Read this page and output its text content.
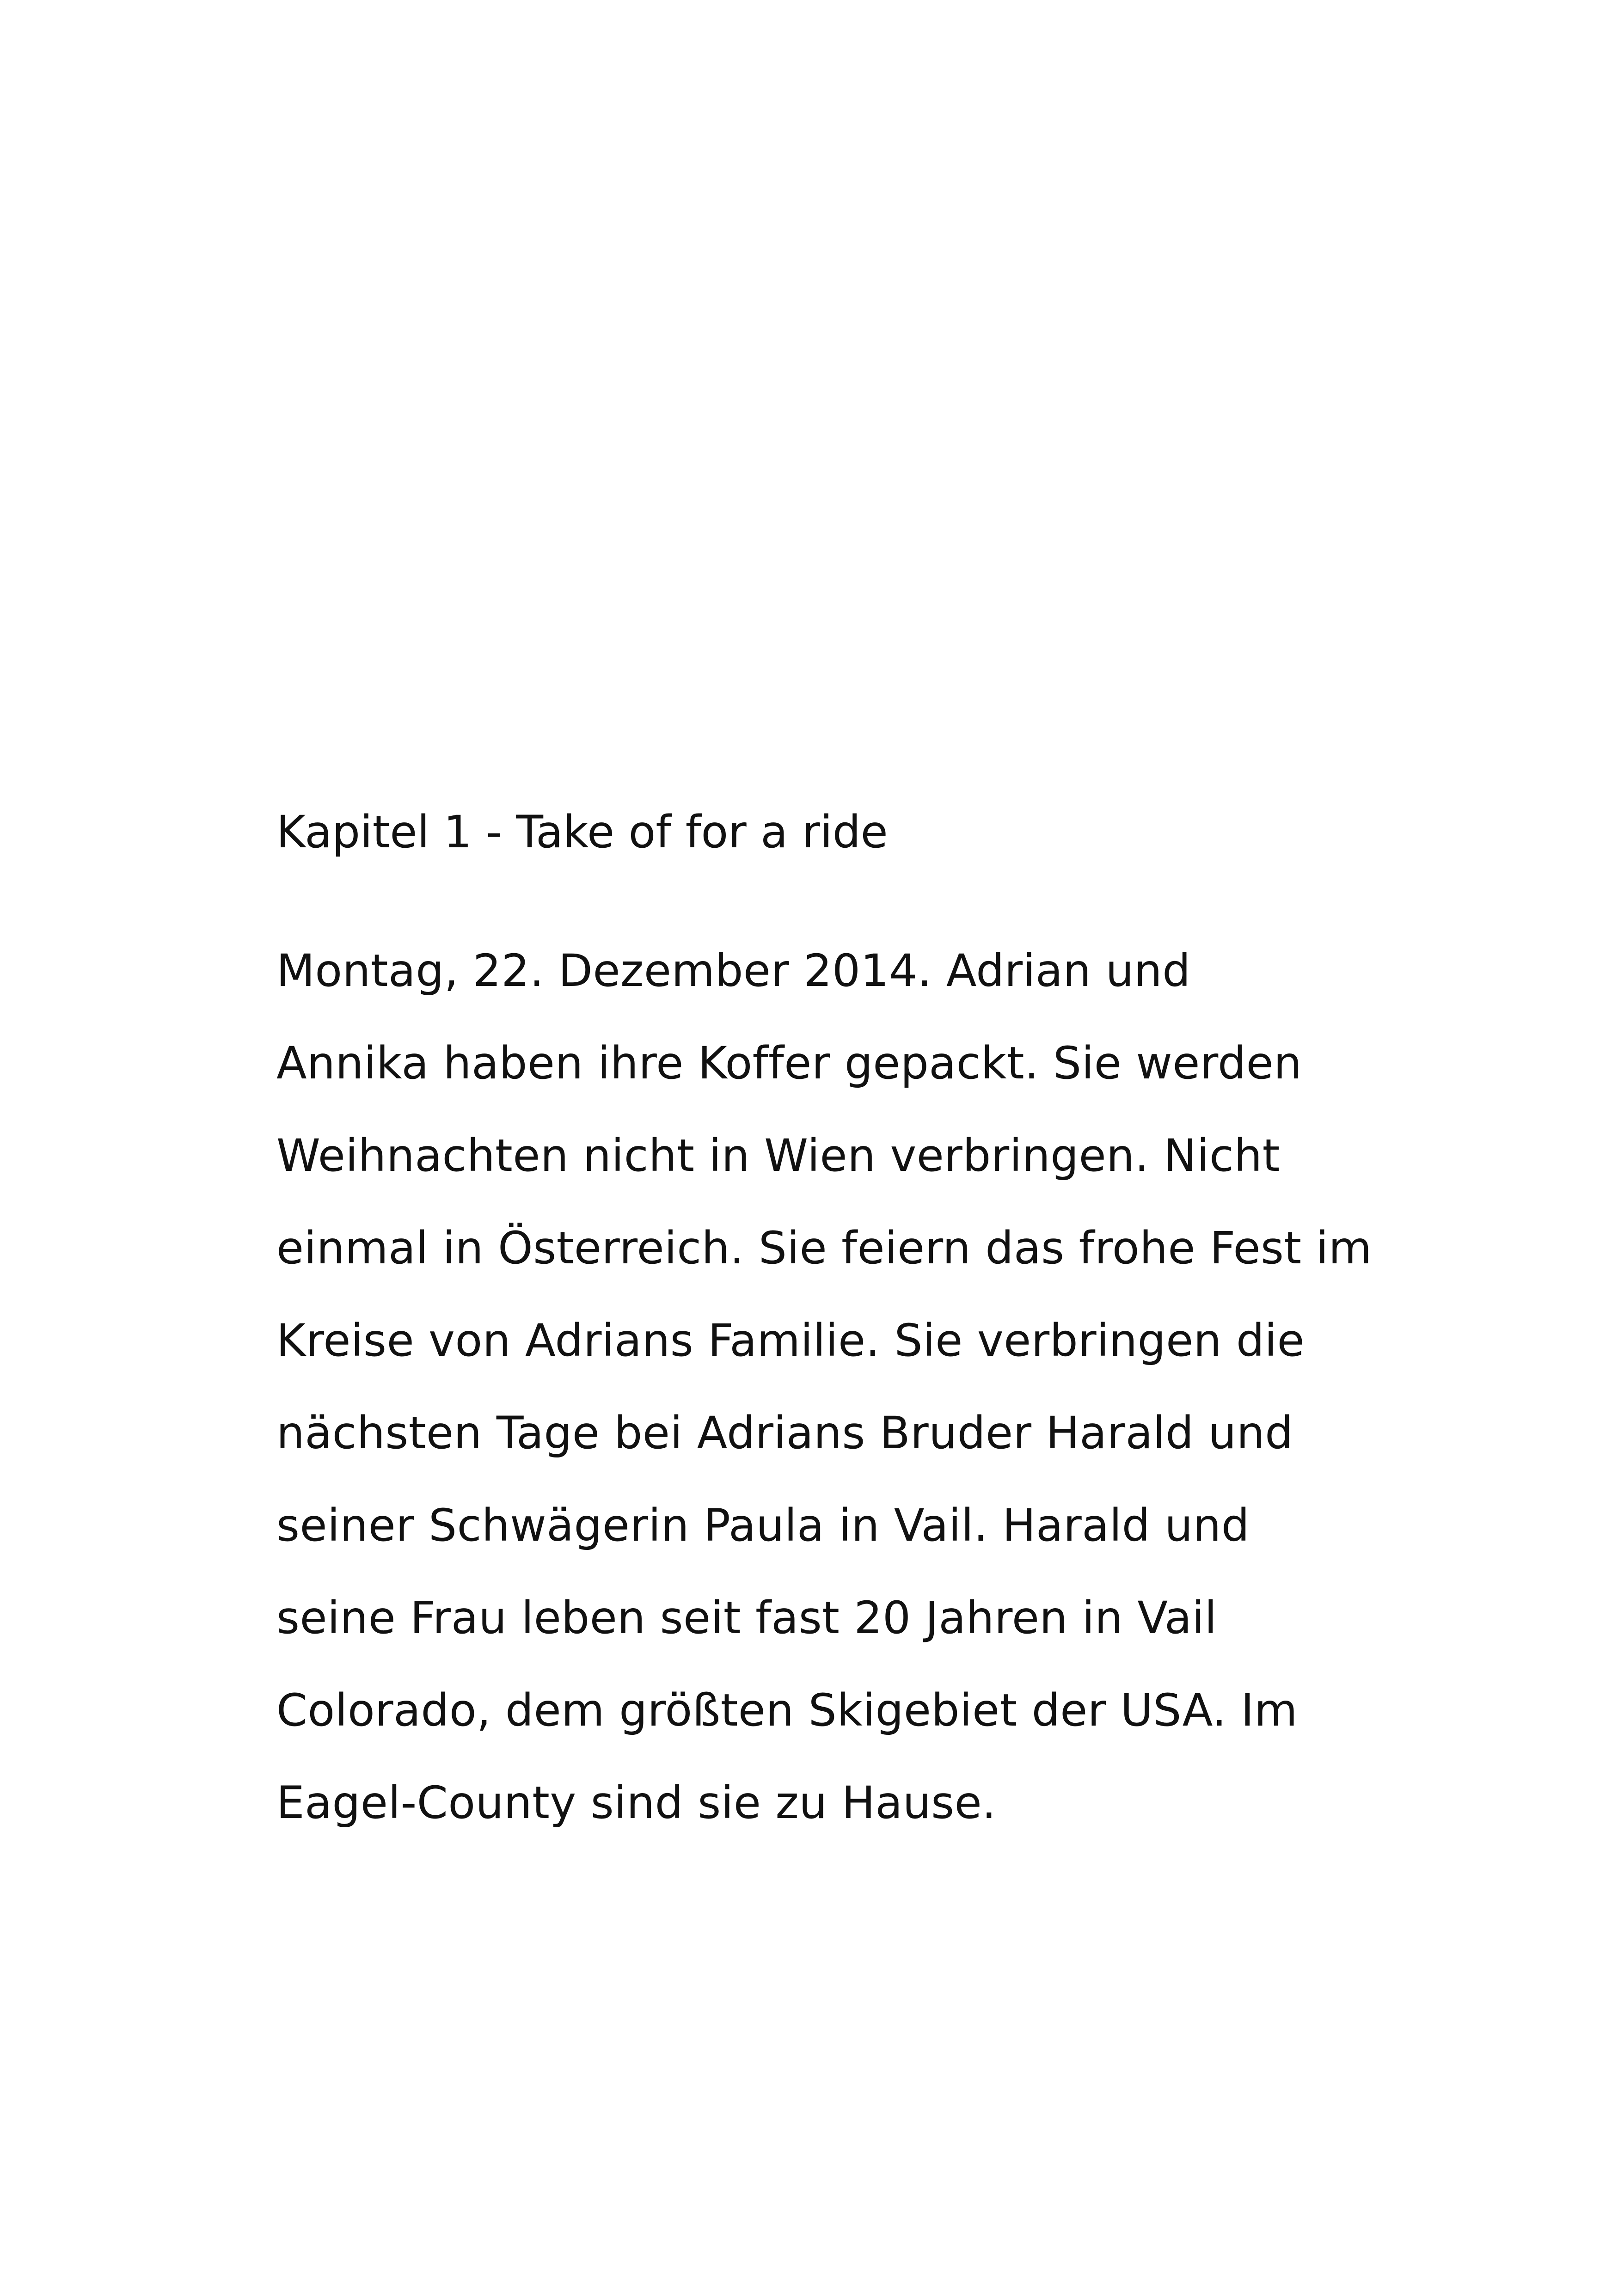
Kapitel 1 - Take of for a ride
Montag, 22. Dezember 2014. Adrian und
Annika haben ihre Koffer gepackt. Sie werden
Weihnachten nicht in Wien verbringen. Nicht
einmal in Österreich. Sie feiern das frohe Fest im
Kreise von Adrians Familie. Sie verbringen die
nächsten Tage bei Adrians Bruder Harald und
seiner Schwägerin Paula in Vail. Harald und
seine Frau leben seit fast 20 Jahren in Vail
Colorado, dem größten Skigebiet der USA. Im
Eagel-County sind sie zu Hause.
